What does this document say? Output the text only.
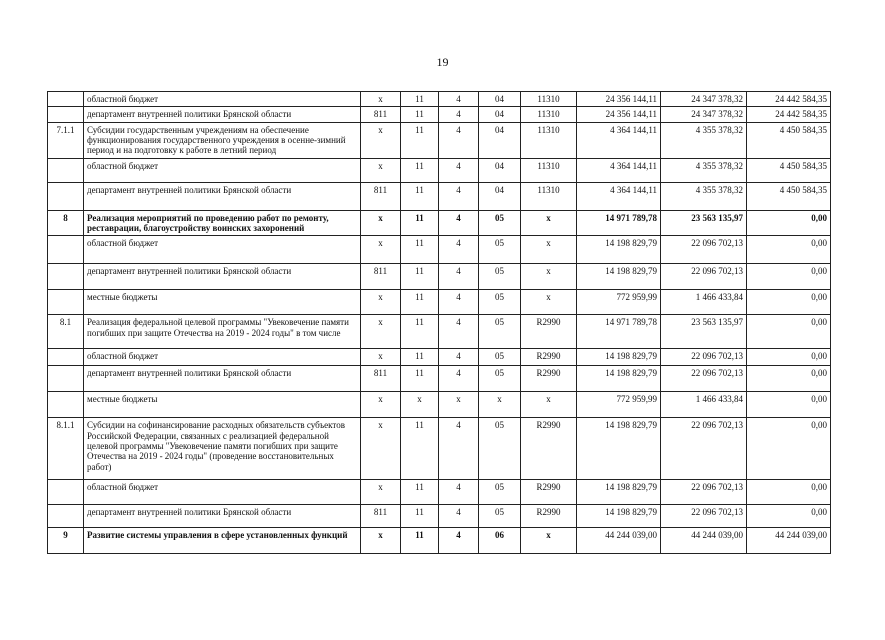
19
	областной бюджет	х	11	4	04	11310	24 356 144,11	24 347 378,32	24 442 584,35
	департамент внутренней политики Брянской области	811	11	4	04	11310	24 356 144,11	24 347 378,32	24 442 584,35
7.1.1	Субсидии государственным учреждениям на обеспечение функционирования государственного учреждения в осенне-зимний период и на подготовку к работе в летний период	х	11	4	04	11310	4 364 144,11	4 355 378,32	4 450 584,35
	областной бюджет	х	11	4	04	11310	4 364 144,11	4 355 378,32	4 450 584,35
	департамент внутренней политики Брянской области	811	11	4	04	11310	4 364 144,11	4 355 378,32	4 450 584,35
8	Реализация мероприятий по проведению работ по ремонту, реставрации, благоустройству воинских захоронений	х	11	4	05	х	14 971 789,78	23 563 135,97	0,00
	областной бюджет	х	11	4	05	х	14 198 829,79	22 096 702,13	0,00
	департамент внутренней политики Брянской области	811	11	4	05	х	14 198 829,79	22 096 702,13	0,00
	местные бюджеты	х	11	4	05	х	772 959,99	1 466 433,84	0,00
8.1	Реализация федеральной целевой программы "Увековечение памяти погибших при защите Отечества на 2019 - 2024 годы" в том числе	х	11	4	05	R2990	14 971 789,78	23 563 135,97	0,00
	областной бюджет	х	11	4	05	R2990	14 198 829,79	22 096 702,13	0,00
	департамент внутренней политики Брянской области	811	11	4	05	R2990	14 198 829,79	22 096 702,13	0,00
	местные бюджеты	х	х	х	х	х	772 959,99	1 466 433,84	0,00
8.1.1	Субсидии на софинансирование расходных обязательств субъектов Российской Федерации, связанных с реализацией федеральной целевой программы "Увековечение памяти погибших при защите Отечества на 2019 - 2024 годы" (проведение восстановительных работ)	х	11	4	05	R2990	14 198 829,79	22 096 702,13	0,00
	областной бюджет	х	11	4	05	R2990	14 198 829,79	22 096 702,13	0,00
	департамент внутренней политики Брянской области	811	11	4	05	R2990	14 198 829,79	22 096 702,13	0,00
9	Развитие системы управления в сфере установленных функций	х	11	4	06	х	44 244 039,00	44 244 039,00	44 244 039,00
